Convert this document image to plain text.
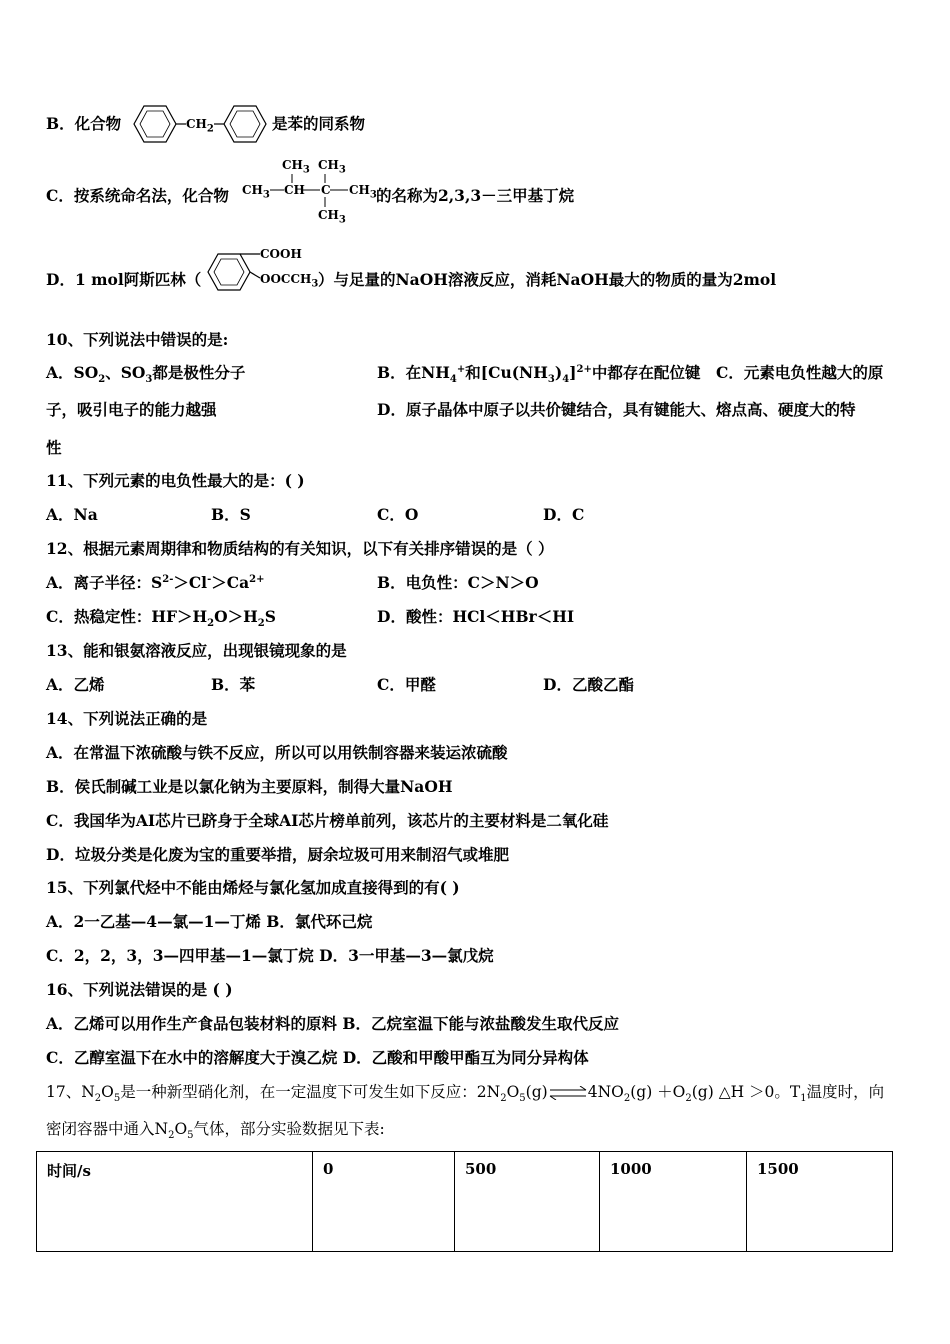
B．化合物	$CH_2$	是苯的同系物
C．按系统命名法，化合物
$CH_3$ $CH_3$
$CH_3$ CH C $CH_3$
$CH_3$
的名称为2,3,3－三甲基丁烷
D．1 mol阿斯匹林（
COOH
$OOCCH_3$ ）与足量的NaOH溶液反应，消耗NaOH最大的物质的量为2mol
10、下列说法中错误的是:
A．$SO_2$、$SO_3$都是极性分子	B．在$NH_4^+$和$[Cu(NH_3)_4]^{2+}$中都存在配位键 C．元素电负性越大的原
子，吸引电子的能力越强	D．原子晶体中原子以共价键结合，具有键能大、熔点高、硬度大的特
性
11、下列元素的电负性最大的是：( )
A．Na	B．S	C．O	D．C
12、根据元素周期律和物质结构的有关知识，以下有关排序错误的是（ ）
A．离子半径：$S^{2-}>Cl^->Ca^{2+}$	B．电负性：C＞N＞O
C．热稳定性：$HF>H_2O>H_2S$	D．酸性：HCl＜HBr＜HI
13、能和银氨溶液反应，出现银镜现象的是
A．乙烯	B．苯	C．甲醛	D．乙酸乙酯
14、下列说法正确的是
A．在常温下浓硫酸与铁不反应，所以可以用铁制容器来装运浓硫酸
B．侯氏制碱工业是以氯化钠为主要原料，制得大量NaOH
C．我国华为AI芯片已跻身于全球AI芯片榜单前列，该芯片的主要材料是二氧化硅
D．垃圾分类是化废为宝的重要举措，厨余垃圾可用来制沼气或堆肥
15、下列氯代烃中不能由烯烃与氯化氢加成直接得到的有( )
A．2一乙基—4—氯—1—丁烯 B．氯代环己烷
C．2，2，3，3—四甲基—1—氯丁烷 D．3一甲基—3—氯戊烷
16、下列说法错误的是 ( )
A．乙烯可以用作生产食品包装材料的原料 B．乙烷室温下能与浓盐酸发生取代反应
C．乙醇室温下在水中的溶解度大于溴乙烷 D．乙酸和甲酸甲酯互为同分异构体
17、$N_2O_5$是一种新型硝化剂，在一定温度下可发生如下反应：$2N_2O_5(g)\rightleftharpoons 4NO_2(g) +O_2(g)$ △H ＞0。$T_1$温度时，向
密闭容器中通入$N_2O_5$气体，部分实验数据见下表:
时间/s	0	500	1000	1500
